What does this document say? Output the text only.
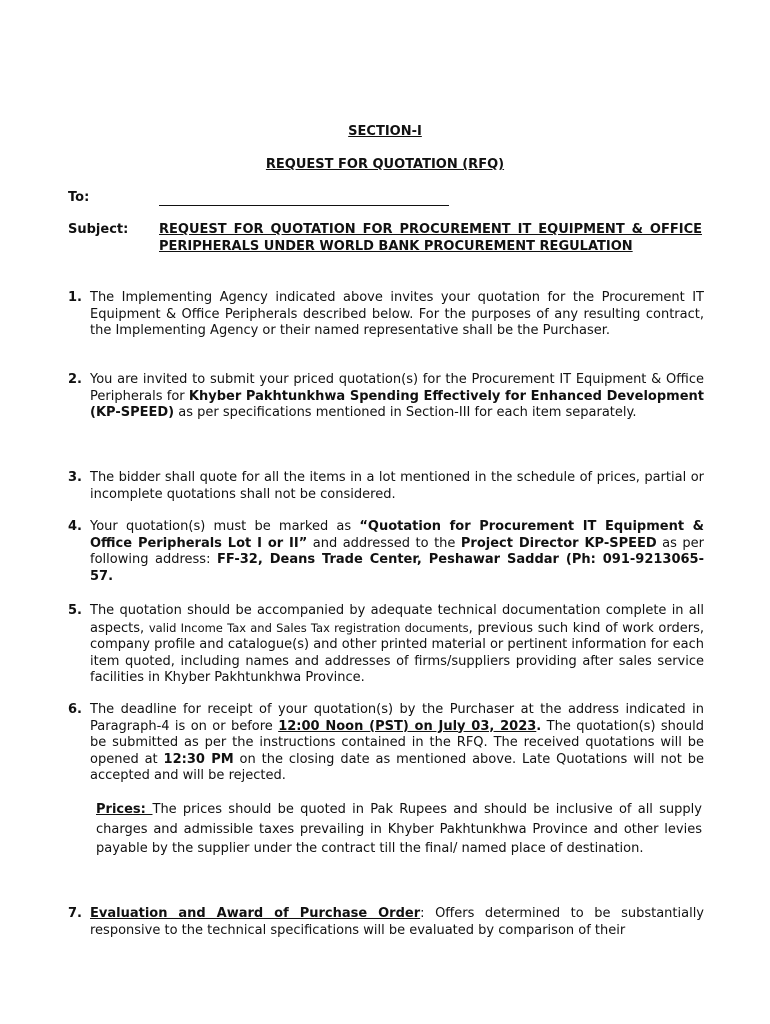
SECTION-I
REQUEST FOR QUOTATION (RFQ)
To:
Subject: REQUEST FOR QUOTATION FOR PROCUREMENT IT EQUIPMENT & OFFICE PERIPHERALS UNDER WORLD BANK PROCUREMENT REGULATION
1. The Implementing Agency indicated above invites your quotation for the Procurement IT Equipment & Office Peripherals described below. For the purposes of any resulting contract, the Implementing Agency or their named representative shall be the Purchaser.
2. You are invited to submit your priced quotation(s) for the Procurement IT Equipment & Office Peripherals for Khyber Pakhtunkhwa Spending Effectively for Enhanced Development (KP-SPEED) as per specifications mentioned in Section-III for each item separately.
3. The bidder shall quote for all the items in a lot mentioned in the schedule of prices, partial or incomplete quotations shall not be considered.
4. Your quotation(s) must be marked as “Quotation for Procurement IT Equipment & Office Peripherals Lot I or II” and addressed to the Project Director KP-SPEED as per following address: FF-32, Deans Trade Center, Peshawar Saddar (Ph: 091-9213065-57.
5. The quotation should be accompanied by adequate technical documentation complete in all aspects, valid Income Tax and Sales Tax registration documents, previous such kind of work orders, company profile and catalogue(s) and other printed material or pertinent information for each item quoted, including names and addresses of firms/suppliers providing after sales service facilities in Khyber Pakhtunkhwa Province.
6. The deadline for receipt of your quotation(s) by the Purchaser at the address indicated in Paragraph-4 is on or before 12:00 Noon (PST) on July 03, 2023. The quotation(s) should be submitted as per the instructions contained in the RFQ. The received quotations will be opened at 12:30 PM on the closing date as mentioned above. Late Quotations will not be accepted and will be rejected.
Prices: The prices should be quoted in Pak Rupees and should be inclusive of all supply charges and admissible taxes prevailing in Khyber Pakhtunkhwa Province and other levies payable by the supplier under the contract till the final/ named place of destination.
7. Evaluation and Award of Purchase Order: Offers determined to be substantially responsive to the technical specifications will be evaluated by comparison of their
